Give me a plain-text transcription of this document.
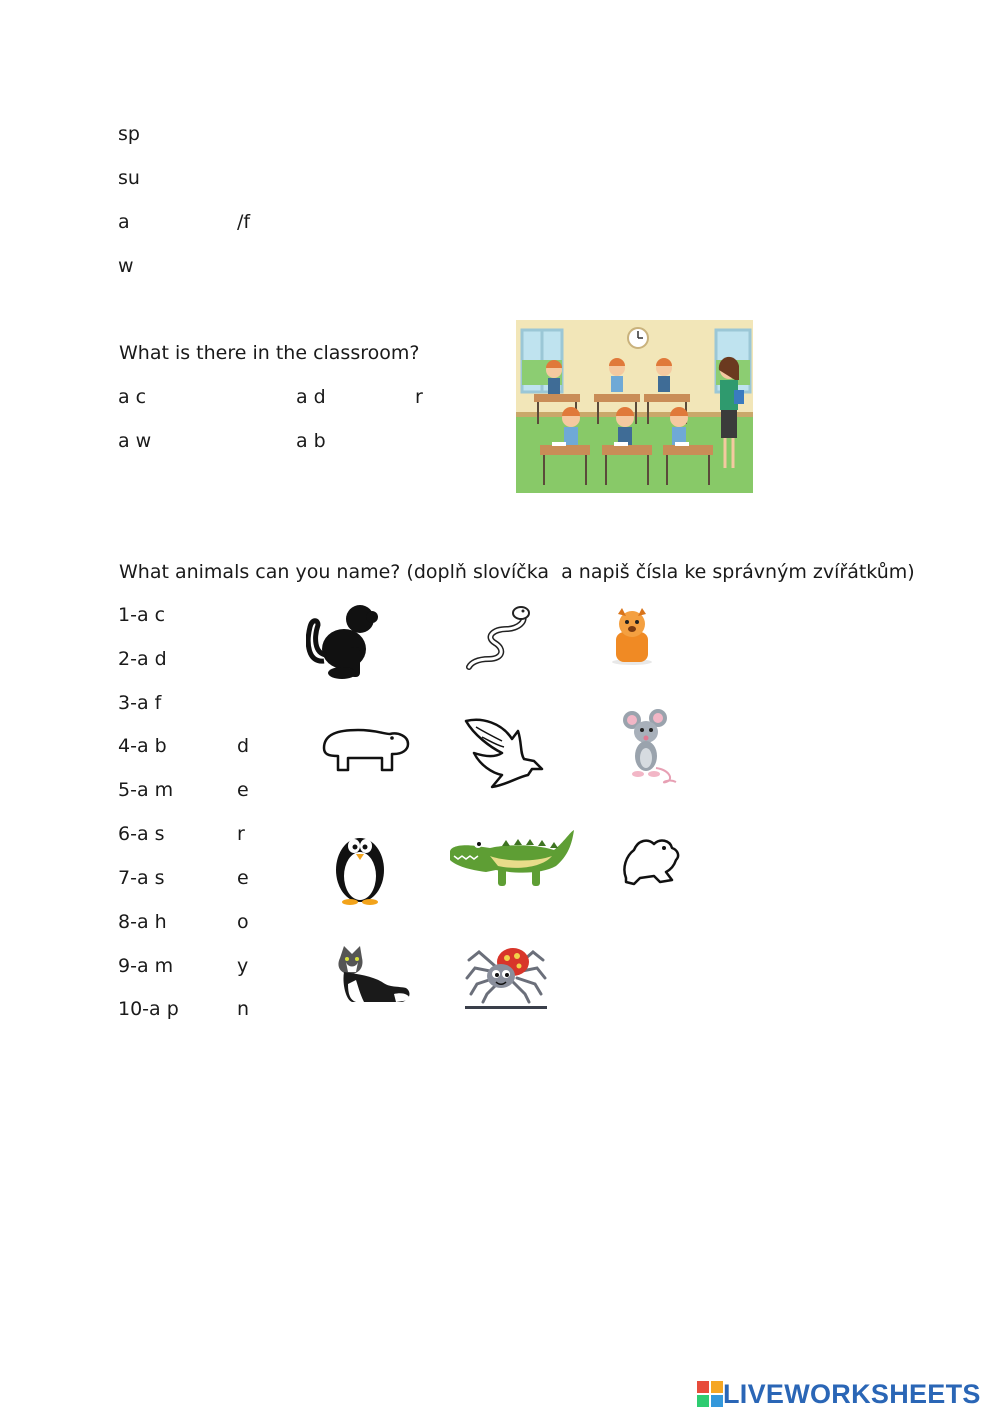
sp
su
a	/f
w
What is there in the classroom?
a c	a d	r
a w	a b
What animals can you name? (doplň slovíčka  a napiš čísla ke správným zvířátkům)
1-a c
2-a d
3-a f
4-a b	d
5-a m	e
6-a s	r
7-a s	e
8-a h	o
9-a m	y
10-a p	n
LIVEWORKSHEETS
